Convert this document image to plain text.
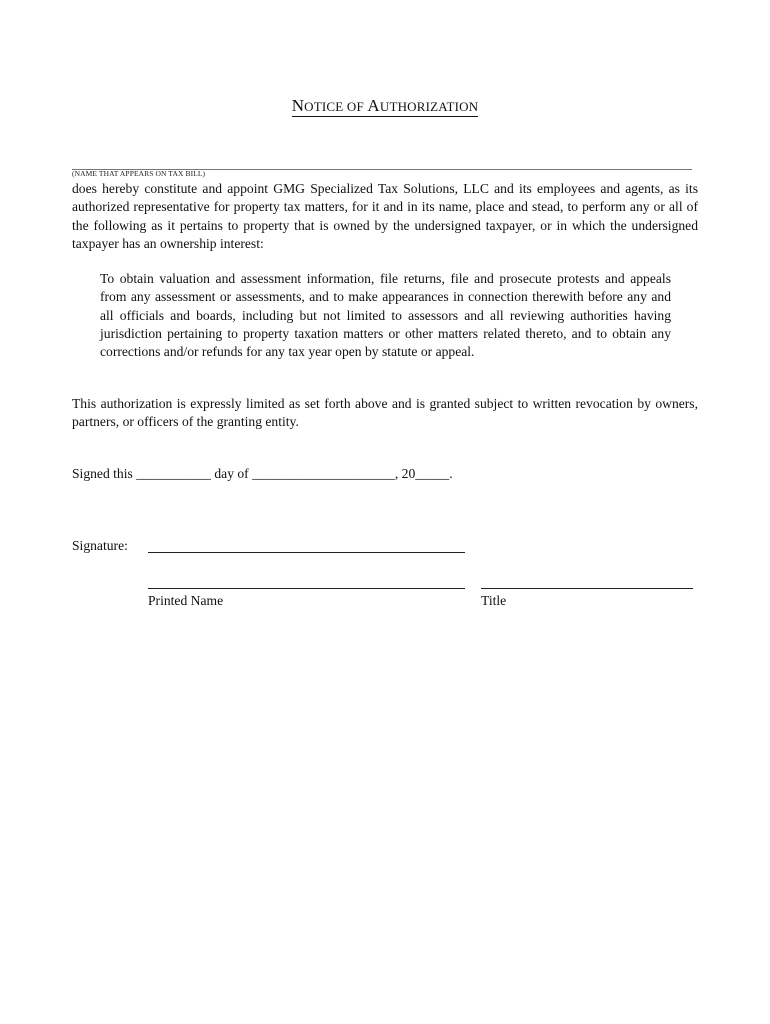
NOTICE OF AUTHORIZATION
(NAME THAT APPEARS ON TAX BILL)
does hereby constitute and appoint GMG Specialized Tax Solutions, LLC and its employees and agents, as its authorized representative for property tax matters, for it and in its name, place and stead, to perform any or all of the following as it pertains to property that is owned by the undersigned taxpayer, or in which the undersigned taxpayer has an ownership interest:
To obtain valuation and assessment information, file returns, file and prosecute protests and appeals from any assessment or assessments, and to make appearances in connection therewith before any and all officials and boards, including but not limited to assessors and all reviewing authorities having jurisdiction pertaining to property taxation matters or other matters related thereto, and to obtain any corrections and/or refunds for any tax year open by statute or appeal.
This authorization is expressly limited as set forth above and is granted subject to written revocation by owners, partners, or officers of the granting entity.
Signed this ___________ day of _____________________, 20_____.
Signature:
Printed Name	Title
